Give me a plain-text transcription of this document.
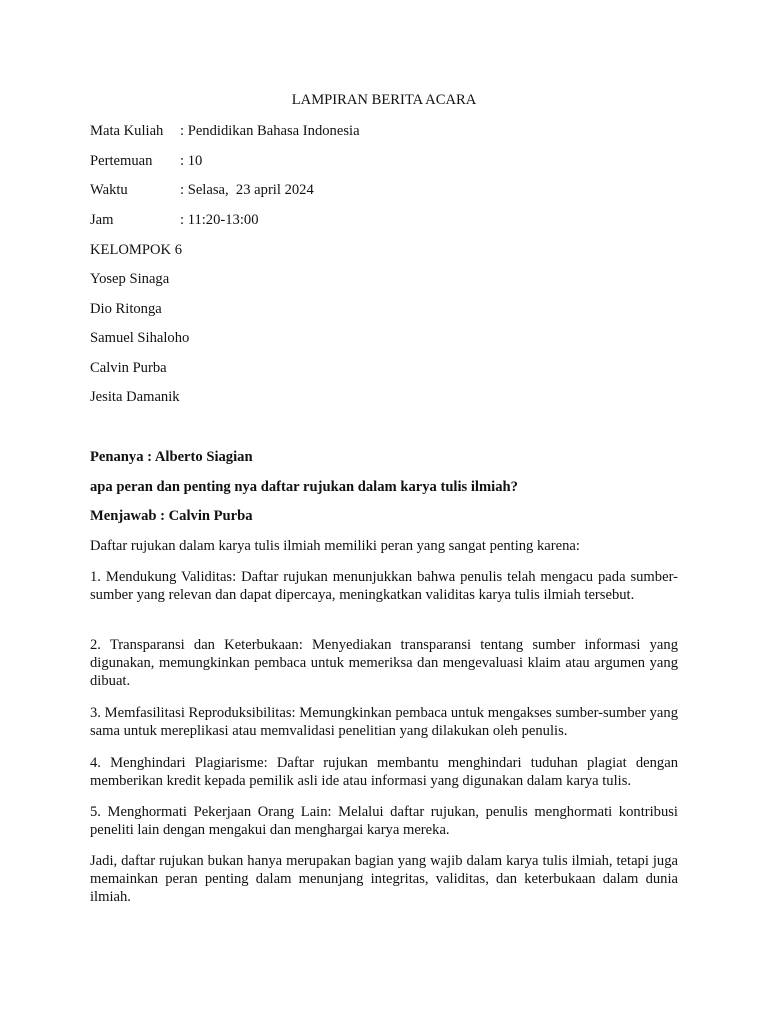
LAMPIRAN BERITA ACARA
Mata Kuliah : Pendidikan Bahasa Indonesia
Pertemuan : 10
Waktu	: Selasa,  23 april 2024
Jam	: 11:20-13:00
KELOMPOK 6
Yosep Sinaga
Dio Ritonga
Samuel Sihaloho
Calvin Purba
Jesita Damanik
Penanya : Alberto Siagian
apa peran dan penting nya daftar rujukan dalam karya tulis ilmiah?
Menjawab : Calvin Purba
Daftar rujukan dalam karya tulis ilmiah memiliki peran yang sangat penting karena:
1. Mendukung Validitas: Daftar rujukan menunjukkan bahwa penulis telah mengacu pada sumber-sumber yang relevan dan dapat dipercaya, meningkatkan validitas karya tulis ilmiah tersebut.
2. Transparansi dan Keterbukaan: Menyediakan transparansi tentang sumber informasi yang digunakan, memungkinkan pembaca untuk memeriksa dan mengevaluasi klaim atau argumen yang dibuat.
3. Memfasilitasi Reproduksibilitas: Memungkinkan pembaca untuk mengakses sumber-sumber yang sama untuk mereplikasi atau memvalidasi penelitian yang dilakukan oleh penulis.
4. Menghindari Plagiarisme: Daftar rujukan membantu menghindari tuduhan plagiat dengan memberikan kredit kepada pemilik asli ide atau informasi yang digunakan dalam karya tulis.
5. Menghormati Pekerjaan Orang Lain: Melalui daftar rujukan, penulis menghormati kontribusi peneliti lain dengan mengakui dan menghargai karya mereka.
Jadi, daftar rujukan bukan hanya merupakan bagian yang wajib dalam karya tulis ilmiah, tetapi juga memainkan peran penting dalam menunjang integritas, validitas, dan keterbukaan dalam dunia ilmiah.
